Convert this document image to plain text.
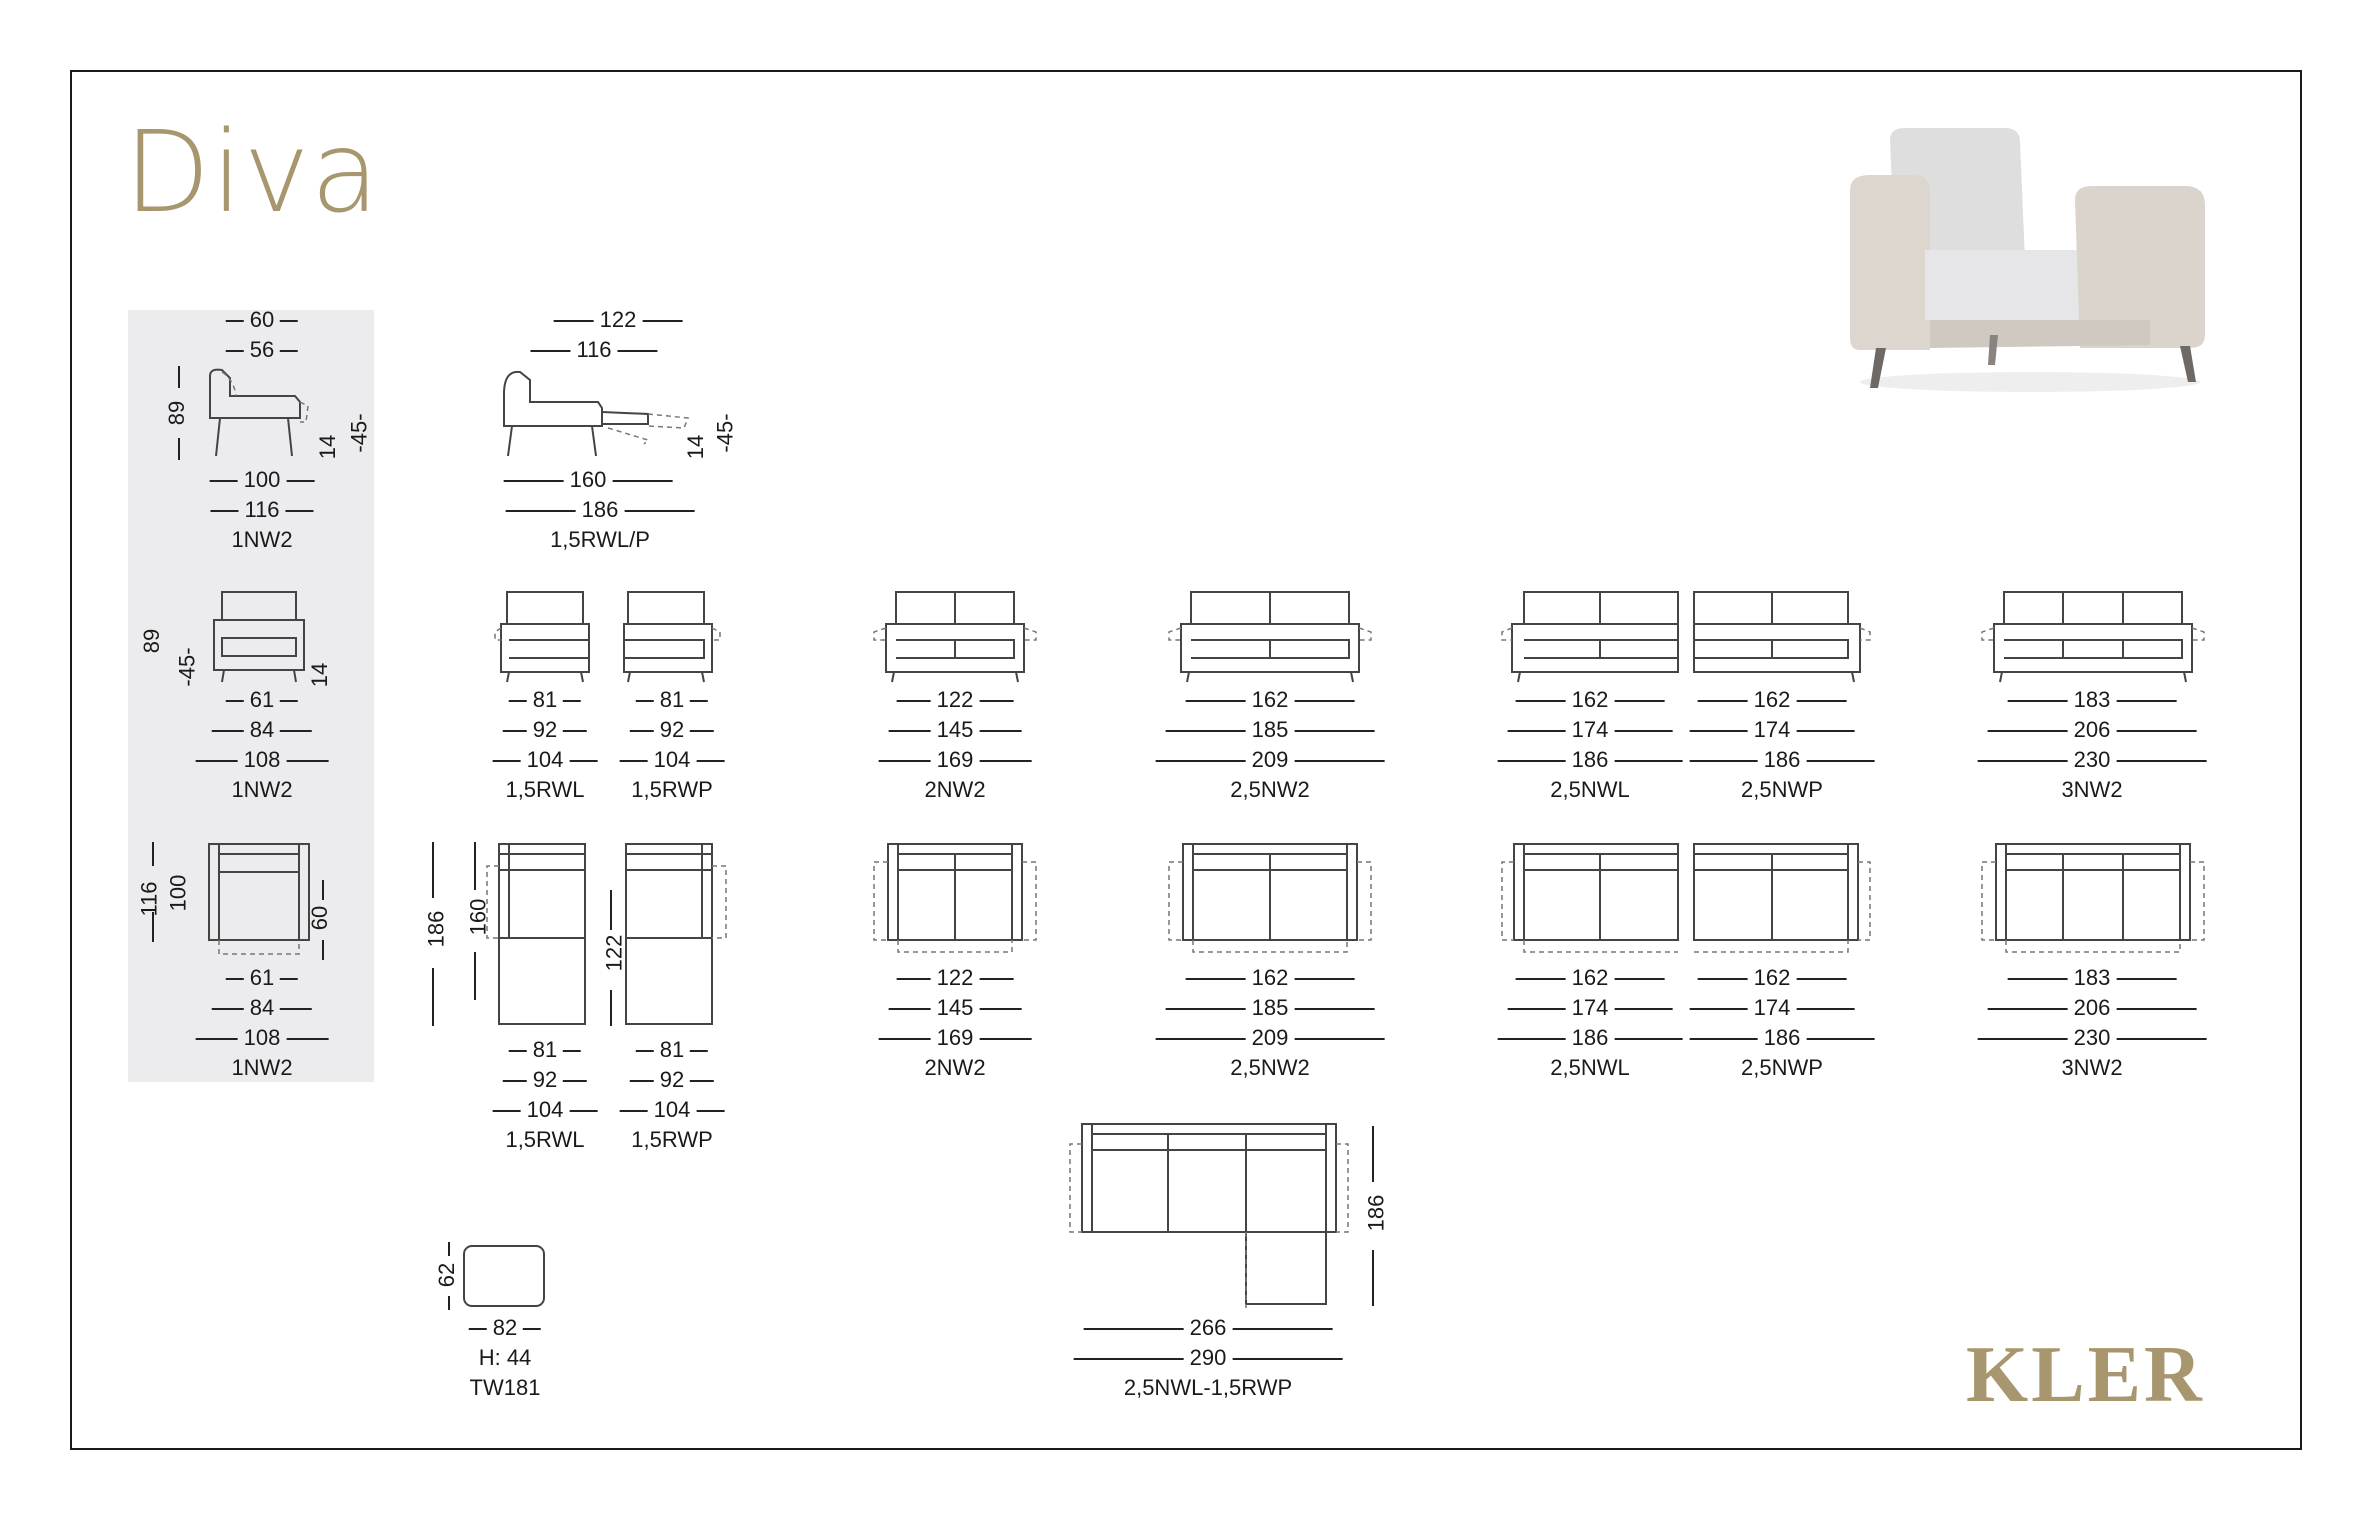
Diva
KLER
60
56
89
14 -45-
100
116
1NW2
89
-45-	14
61
84
108
1NW2
116 100
60
61
84
108
1NW2
122
116
14 -45-
160
186
1,5RWL/P
81
92
104
1,5RWL
81
92
104
1,5RWP
122
145
169
2NW2
162
185
209
2,5NW2
162
174
186
2,5NWL
162
174
186
2,5NWP
183
206
230
3NW2
186 160
122
81
92
104
1,5RWL
81
92
104
1,5RWP
122
145
169
2NW2
162
185
209
2,5NW2
162
174
186
2,5NWL
162
174
186
2,5NWP
183
206
230
3NW2
186
266
290
2,5NWL-1,5RWP
62
82
H: 44
TW181
